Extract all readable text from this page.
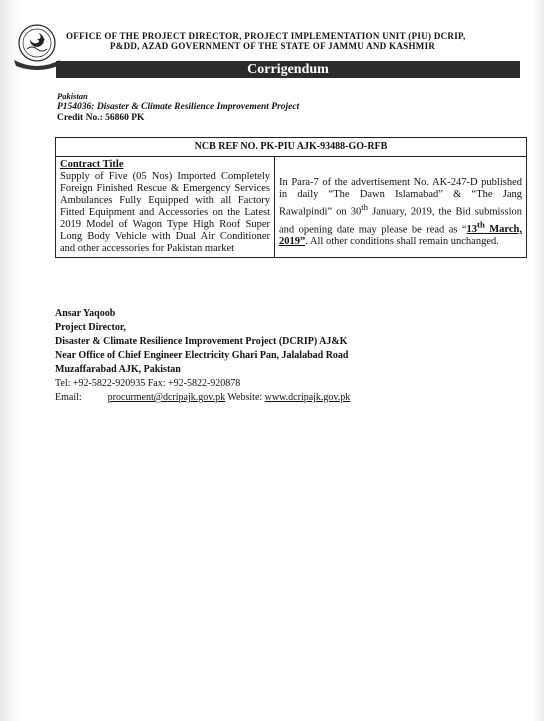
OFFICE OF THE PROJECT DIRECTOR, PROJECT IMPLEMENTATION UNIT (PIU) DCRIP,
P&DD, AZAD GOVERNMENT OF THE STATE OF JAMMU AND KASHMIR
Corrigendum
Pakistan
P154036: Disaster & Climate Resilience Improvement Project
Credit No.: 56860 PK
NCB REF NO. PK-PIU AJK-93488-GO-RFB

Contract Title
Supply of Five (05 Nos) Imported Completely Foreign Finished Rescue & Emergency Services Ambulances Fully Equipped with all Factory Fitted Equipment and Accessories on the Latest 2019 Model of Wagon Type High Roof Super Long Body Vehicle with Dual Air Conditioner and other accessories for Pakistan market
	In Para-7 of the advertisement No. AK-247-D published in daily “The Dawn Islamabad” & “The Jang Rawalpindi” on 30th January, 2019, the Bid submission and opening date may please be read as “13th March, 2019”. All other conditions shall remain unchanged.
Ansar Yaqoob
Project Director,
Disaster & Climate Resilience Improvement Project (DCRIP) AJ&K
Near Office of Chief Engineer Electricity Ghari Pan, Jalalabad Road
Muzaffarabad AJK, Pakistan
Tel: +92-5822-920935 Fax: +92-5822-920878
Email:	procurment@dcripajk.gov.pk Website: www.dcripajk.gov.pk
